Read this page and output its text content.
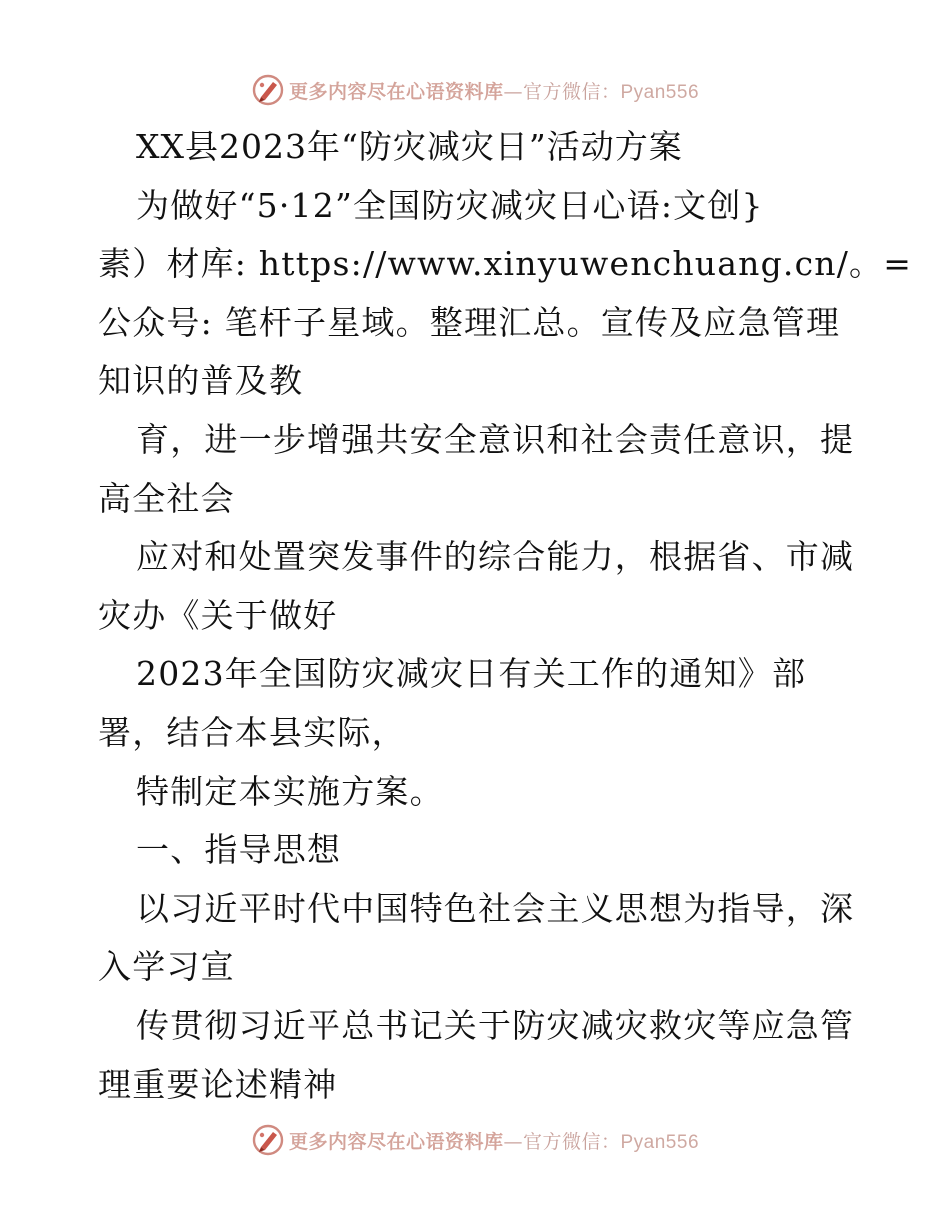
更多内容尽在心语资料库—官方微信：Pyan556
XX县2023年“防灾减灾日”活动方案
为做好“5·12”全国防灾减灾日心语:文创}
素）材库: https://www.xinyuwenchuang.cn/。=
公众号: 笔杆子星域。整理汇总。宣传及应急管理
知识的普及教
育，进一步增强共安全意识和社会责任意识，提
高全社会
应对和处置突发事件的综合能力，根据省、市减
灾办《关于做好
2023年全国防灾减灾日有关工作的通知》部
署，结合本县实际，
特制定本实施方案。
一、指导思想
以习近平时代中国特色社会主义思想为指导，深
入学习宣
传贯彻习近平总书记关于防灾减灾救灾等应急管
理重要论述精神
更多内容尽在心语资料库—官方微信：Pyan556
